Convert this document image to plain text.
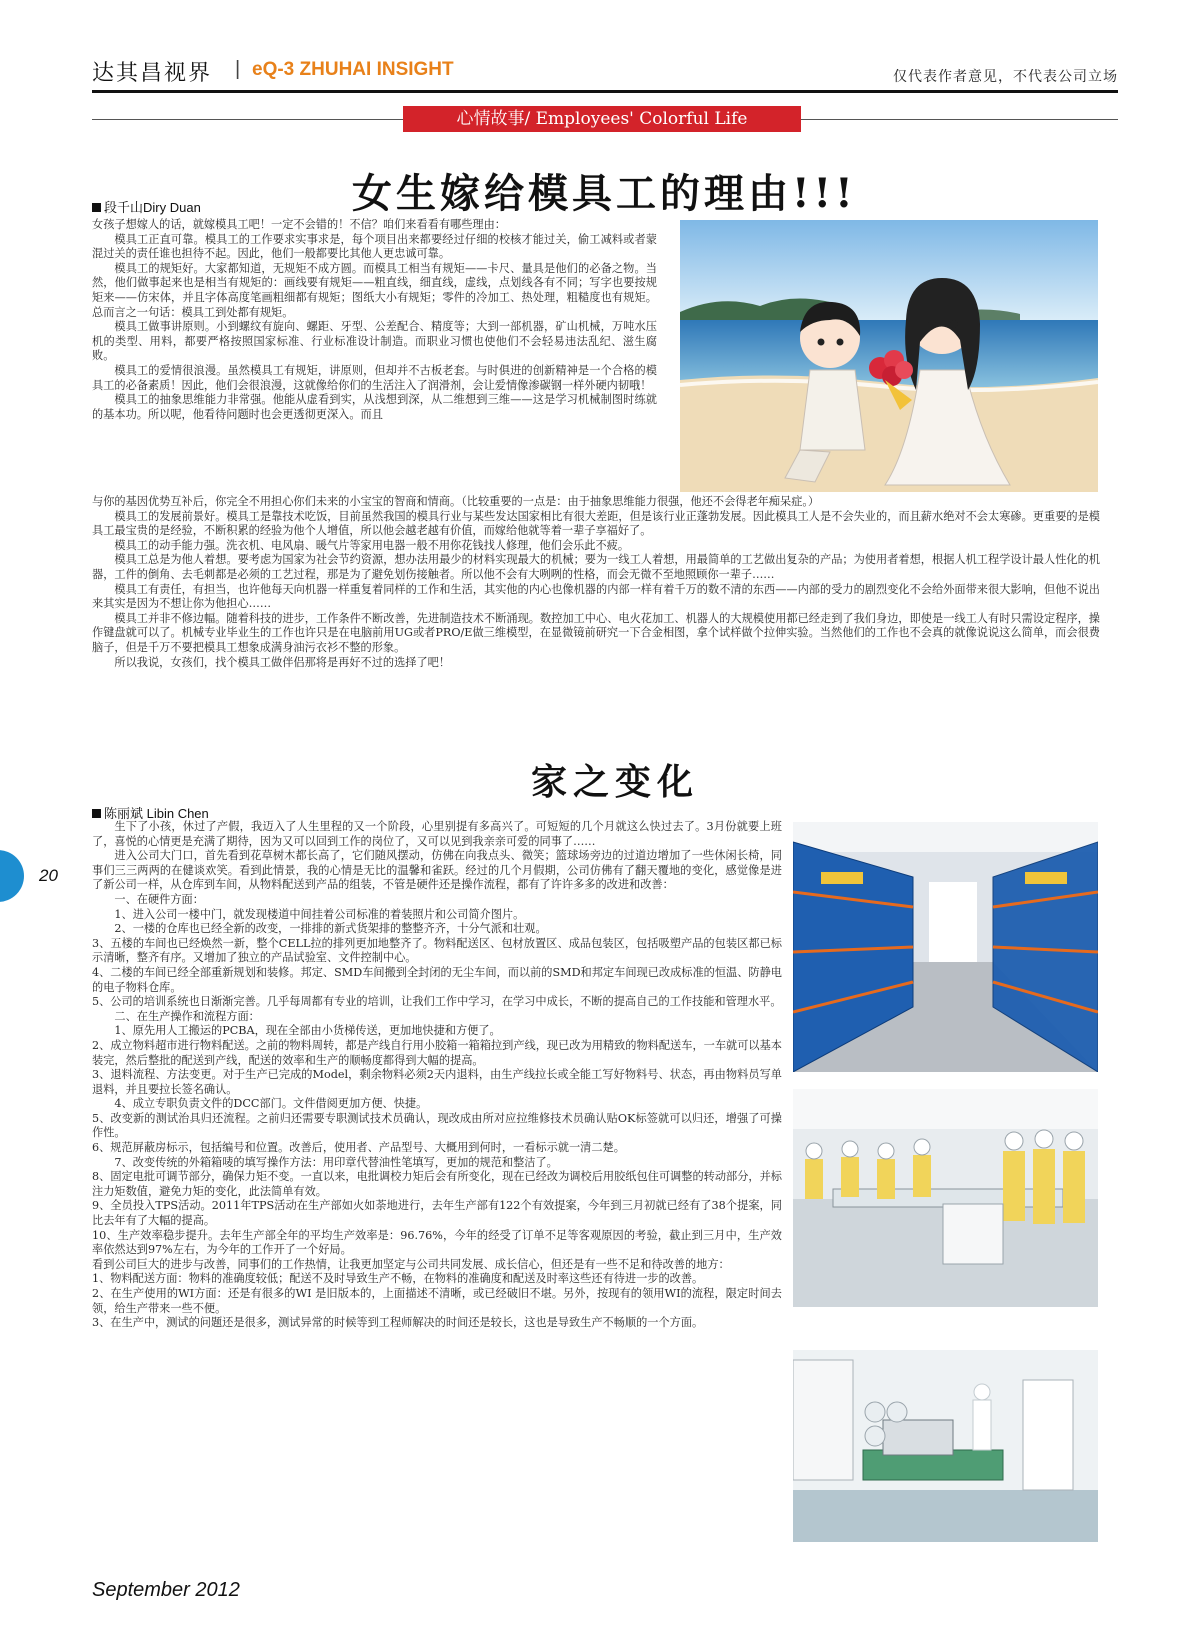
达其昌视界 | eQ-3 ZHUHAI INSIGHT	仅代表作者意见，不代表公司立场
心情故事/ Employees' Colorful Life
女生嫁给模具工的理由!!!
段千山Diry Duan

女孩子想嫁人的话，就嫁模具工吧！一定不会错的！不信？咱们来看看有哪些理由：

模具工正直可靠。模具工的工作要求实事求是，每个项目出来都要经过仔细的校核才能过关，偷工减料或者蒙混过关的责任谁也担待不起。因此，他们一般都要比其他人更忠诚可靠。

模具工的规矩好。大家都知道，无规矩不成方圆。而模具工相当有规矩——卡尺、量具是他们的必备之物。当然，他们做事起来也是相当有规矩的：画线要有规矩——粗直线，细直线，虚线，点划线各有不同；写字也要按规矩来——仿宋体，并且字体高度笔画粗细都有规矩；图纸大小有规矩；零件的冷加工、热处理，粗糙度也有规矩。总而言之一句话：模具工到处都有规矩。

模具工做事讲原则。小到螺纹有旋向、螺距、牙型、公差配合、精度等；大到一部机器，矿山机械，万吨水压机的类型、用料，都要严格按照国家标准、行业标准设计制造。而职业习惯也使他们不会轻易违法乱纪、滋生腐败。

模具工的爱情很浪漫。虽然模具工有规矩，讲原则，但却并不古板老套。与时俱进的创新精神是一个合格的模具工的必备素质！因此，他们会很浪漫，这就像给你们的生活注入了润滑剂，会让爱情像渗碳钢一样外硬内韧哦！

模具工的抽象思维能力非常强。他能从虚看到实，从浅想到深，从二维想到三维——这是学习机械制图时练就的基本功。所以呢，他看待问题时也会更透彻更深入。而且

与你的基因优势互补后，你完全不用担心你们未来的小宝宝的智商和情商。（比较重要的一点是：由于抽象思维能力很强，他还不会得老年痴呆症。）

模具工的发展前景好。模具工是靠技术吃饭，目前虽然我国的模具行业与某些发达国家相比有很大差距，但是该行业正蓬勃发展。因此模具工人是不会失业的，而且薪水绝对不会太寒碜。更重要的是模具工最宝贵的是经验，不断积累的经验为他个人增值，所以他会越老越有价值，而嫁给他就等着一辈子享福好了。

模具工的动手能力强。洗衣机、电风扇、暖气片等家用电器一般不用你花钱找人修理，他们会乐此不疲。

模具工总是为他人着想。要考虑为国家为社会节约资源，想办法用最少的材料实现最大的机械；要为一线工人着想，用最简单的工艺做出复杂的产品；为使用者着想，根据人机工程学设计最人性化的机器，工件的倒角、去毛刺都是必须的工艺过程，那是为了避免划伤接触者。所以他不会有大咧咧的性格，而会无微不至地照顾你一辈子……

模具工有责任，有担当，也许他每天向机器一样重复着同样的工作和生活，其实他的内心也像机器的内部一样有着千万的数不清的东西——内部的受力的剧烈变化不会给外面带来很大影响，但他不说出来其实是因为不想让你为他担心……

模具工并非不修边幅。随着科技的进步，工作条件不断改善，先进制造技术不断涌现。数控加工中心、电火花加工、机器人的大规模使用都已经走到了我们身边，即使是一线工人有时只需设定程序，操作键盘就可以了。机械专业毕业生的工作也许只是在电脑前用UG或者PRO/E做三维模型，在显微镜前研究一下合金相图，拿个试样做个拉伸实验。当然他们的工作也不会真的就像说说这么简单，而会很费脑子，但是千万不要把模具工想象成满身油污衣衫不整的形象。

所以我说，女孩们，找个模具工做伴侣那将是再好不过的选择了吧！

家之变化
陈丽斌 Libin Chen

生下了小孩，休过了产假，我迈入了人生里程的又一个阶段，心里别提有多高兴了。可短短的几个月就这么快过去了。3月份就要上班了，喜悦的心情更是充满了期待，因为又可以回到工作的岗位了，又可以见到我亲亲可爱的同事了……

进入公司大门口，首先看到花草树木都长高了，它们随风摆动，仿佛在向我点头、微笑；篮球场旁边的过道边增加了一些休闲长椅，同事们三三两两的在健谈欢笑。看到此情景，我的心情是无比的温馨和雀跃。经过的几个月假期，公司仿佛有了翻天覆地的变化，感觉像是进了新公司一样，从仓库到车间，从物料配送到产品的组装，不管是硬件还是操作流程，都有了许许多多的改进和改善：

一、在硬件方面：

1、进入公司一楼中门，就发现楼道中间挂着公司标准的着装照片和公司简介图片。

2、一楼的仓库也已经全新的改变，一排排的新式货架排的整整齐齐，十分气派和壮观。

3、五楼的车间也已经焕然一新，整个CELL拉的排列更加地整齐了。物料配送区、包材放置区、成品包装区，包括吸塑产品的包装区都已标示清晰，整齐有序。又增加了独立的产品试验室、文件控制中心。

4、二楼的车间已经全部重新规划和装修。邦定、SMD车间搬到全封闭的无尘车间，而以前的SMD和邦定车间现已改成标准的恒温、防静电的电子物料仓库。

5、公司的培训系统也日渐渐完善。几乎每周都有专业的培训，让我们工作中学习，在学习中成长，不断的提高自己的工作技能和管理水平。

二、在生产操作和流程方面：

1、原先用人工搬运的PCBA，现在全部由小货梯传送，更加地快捷和方便了。

2、成立物料超市进行物料配送。之前的物料周转，都是产线自行用小胶箱一箱箱拉到产线，现已改为用精致的物料配送车，一车就可以基本装完，然后整批的配送到产线，配送的效率和生产的顺畅度都得到大幅的提高。

3、退料流程、方法变更。对于生产已完成的Model，剩余物料必须2天内退料，由生产线拉长或全能工写好物料号、状态，再由物料员写单退料，并且要拉长签名确认。

4、成立专职负责文件的DCC部门。文件借阅更加方便、快捷。

5、改变新的测试治具归还流程。之前归还需要专职测试技术员确认，现改成由所对应拉维修技术员确认贴OK标签就可以归还，增强了可操作性。

6、规范屏蔽房标示，包括编号和位置。改善后，使用者、产品型号、大概用到何时，一看标示就一清二楚。

7、改变传统的外箱箱唛的填写操作方法：用印章代替油性笔填写，更加的规范和整洁了。

8、固定电批可调节部分，确保力矩不变。一直以来，电批调校力矩后会有所变化，现在已经改为调校后用胶纸包住可调整的转动部分，并标注力矩数值，避免力矩的变化，此法简单有效。

9、全员投入TPS活动。2011年TPS活动在生产部如火如荼地进行，去年生产部有122个有效提案，今年到三月初就已经有了38个提案，同比去年有了大幅的提高。

10、生产效率稳步提升。去年生产部全年的平均生产效率是：96.76%，今年的经受了订单不足等客观原因的考验，截止到三月中，生产效率依然达到97%左右，为今年的工作开了一个好局。

看到公司巨大的进步与改善，同事们的工作热情，让我更加坚定与公司共同发展、成长信心，但还是有一些不足和待改善的地方：

1、物料配送方面：物料的准确度较低；配送不及时导致生产不畅，在物料的准确度和配送及时率这些还有待进一步的改善。

2、在生产使用的WI方面：还是有很多的WI 是旧版本的，上面描述不清晰，或已经破旧不堪。另外，按现有的领用WI的流程，限定时间去领，给生产带来一些不便。

3、在生产中，测试的问题还是很多，测试异常的时候等到工程师解决的时间还是较长，这也是导致生产不畅顺的一个方面。

20
September 2012
